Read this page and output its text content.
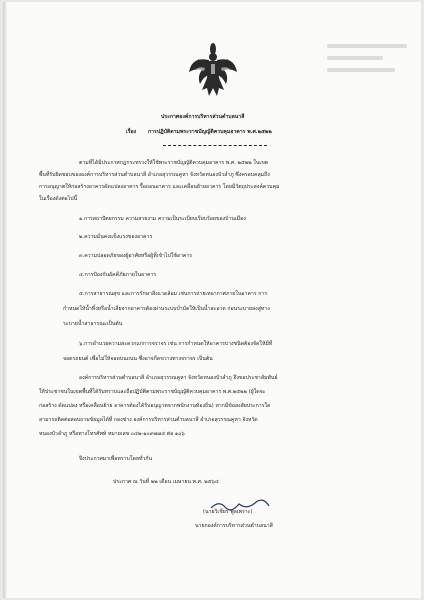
ประกาศองค์การบริหารส่วนตำบลนาสี
เรื่อง การปฏิบัติตามพระราชบัญญัติควบคุมอาคาร พ.ศ.๒๕๒๒
ตามที่ได้มีประกาศกฎกระทรวงให้ใช้พระราชบัญญัติควบคุมอาคาร พ.ศ. ๒๕๒๒ ในเขต
พื้นที่รับผิดชอบขององค์การบริหารส่วนตำบลนาสี อำเภอสุวรรณคูหา จังหวัดหนองบัวลำภู ซึ่งครอบคลุมถึง
การอนุญาตให้ก่อสร้างอาคารดัดแปลงอาคาร รื้อถอนอาคาร และเคลื่อนย้ายอาคาร โดยมีวัตถุประสงค์ควบคุม
ในเรื่องดังต่อไปนี้
๑.การสถาปัตยกรรม ความสวยงาม ความเป็นระเบียบเรียบร้อยของบ้านเมือง
๒.ความมั่นคงแข็งแรงของอาคาร
๓.ความปลอดภัยของผู้อาศัยหรือผู้ที่เข้าไปใช้อาคาร
๔.การป้องกันอัคคีภัยภายในอาคาร
๕.การสาธารณสุข และการรักษาสิ่งแวดล้อม เช่นการถ่ายเทอากาศภายในอาคาร การ
กำหนดให้น้ำทิ้งหรือน้ำเสียจากอาคารต้องผ่านระบบบำบัดให้เป็นน้ำสะอาด ก่อนระบายลงสู่ทาง
ระบายน้ำสาธารณะเป็นต้น
๖.การอำนวยความสะดวกแก่การจราจร เช่น การกำหนดให้อาคารบางชนิดต้องจัดให้มีที่
จอดรถยนต์ เพื่อไม่ให้จอดบนถนน ซึ่งอาจกีดขวางทางจราจร เป็นต้น
องค์การบริหารส่วนตำบลนาสี อำเภอสุวรรณคูหา จังหวัดหนองบัวลำภู จึงขอประชาสัมพันธ์
ให้ประชาชนในเขตพื้นที่ได้รับทราบและถือปฏิบัติตามพระราชบัญญัติควบคุมอาคาร พ.ศ.๒๕๒๒ (ผู้ใดจะ
ก่อสร้าง ดัดแปลง หรือเคลื่อนย้าย อาคารต้องได้รับอนุญาตจากพนักงานท้องถิ่น) หากมีข้อสงสัยประการใด
สามารถติดต่อสอบถามข้อมูลได้ที่ กองช่าง องค์การบริหารส่วนตำบลนาสี อำเภอสุวรรณคูหา จังหวัด
หนองบัวลำภู หรือทางโทรศัพท์ หมายเลข ๐๔๒-๑๐๙๗๗๔ ต่อ ๑๐๖
จึงประกาศมาเพื่อทราบโดยทั่วกัน
ประกาศ ณ วันที่ ๒๒ เดือน เมษายน พ.ศ. ๒๕๖๔
(นายวิเชียร พูลเพราะ)
นายกองค์การบริหารส่วนตำบลนาสี
